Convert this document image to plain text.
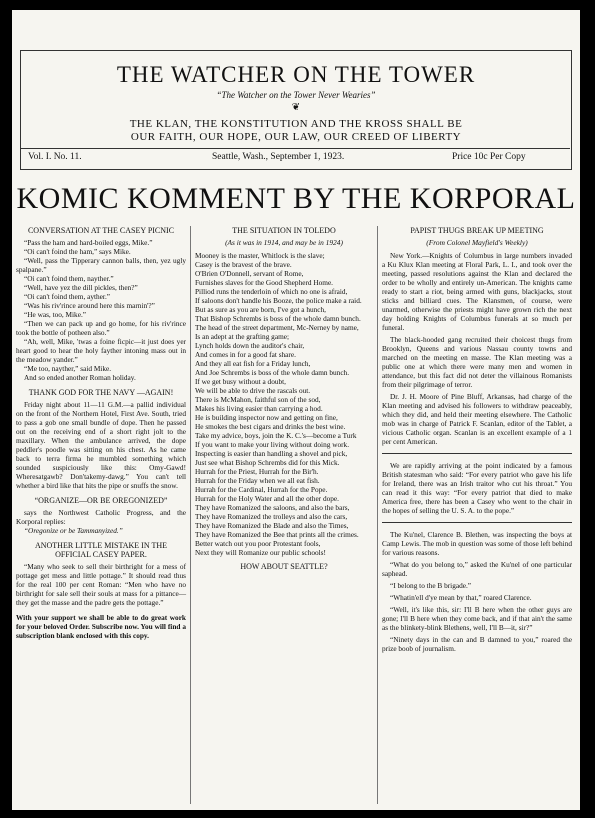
THE WATCHER ON THE TOWER
“The Watcher on the Tower Never Wearies”
❦
THE KLAN, THE KONSTITUTION AND THE KROSS SHALL BE
OUR FAITH, OUR HOPE, OUR LAW, OUR CREED OF LIBERTY
Vol. I. No. 11.	Seattle, Wash., September 1, 1923.	Price 10c Per Copy
KOMIC KOMMENT BY THE KORPORAL
CONVERSATION AT THE CASEY PICNIC

“Pass the ham and hard-boiled eggs, Mike.”

“Oi can't foind the ham,” says Mike.

“Well, pass the Tipperary cannon balls, then, yez ugly spalpane.”

“Oi can't foind them, nayther.”

“Well, have yez the dill pickles, then?”

“Oi can't foind them, ayther.”

“Was his riv'rince around here this marnin'?”

“He was, too, Mike.”

“Then we can pack up and go home, for his riv'rince took the bottle of potheen also.”

“Ah, well, Mike, 'twas a foine ficpic—it just does yer heart good to hear the holy fayther intoning mass out in the meadow yander.”

“Me too, nayther,” said Mike.

And so ended another Roman holiday.

THANK GOD FOR THE NAVY —AGAIN!

Friday night about 11—11 G.M.—a pallid individual on the front of the Northern Hotel, First Ave. South, tried to pass a gob one small bundle of dope. Then he passed out on the receiving end of a short right jolt to the maxillary. When the ambulance arrived, the dope peddler's poodle was sitting on his chest. As he came back to terra firma he mumbled something which sounded suspiciously like this: Omy-Gawd! Wheresatgawb? Don'takemy-dawg.” You can't tell whether a bird like that hits the pipe or snuffs the snow.

“ORGANIZE—OR BE OREGONIZED”

says the Northwest Catholic Progress, and the Korporal replies:

“Oregonize or be Tammanyized.”

ANOTHER LITTLE MISTAKE IN THE OFFICIAL CASEY PAPER.

“Many who seek to sell their birthright for a mess of pottage get mess and little pottage.” It should read thus for the real 100 per cent Roman: “Men who have no birthright for sale sell their souls at mass for a pittance—they get the masse and the padre gets the pottage.”

With your support we shall be able to do great work for your beloved Order. Subscribe now. You will find a subscription blank enclosed with this copy.

THE SITUATION IN TOLEDO
(As it was in 1914, and may be in 1924)
Mooney is the master, Whitlock is the slave;
Casey is the bravest of the brave.
O'Brien O'Donnell, servant of Rome,
Furnishes slaves for the Good Shepherd Home.
Pilliod runs the tenderloin of which no one is afraid,
If saloons don't handle his Booze, the police make a raid.
But as sure as you are born, I've got a hunch,
That Bishop Schrembs is boss of the whole damn bunch.
The head of the street department, Mc-Nerney by name,
Is an adept at the grafting game;
Lynch holds down the auditor's chair,
And comes in for a good fat share.
And they all eat fish for a Friday lunch,
And Joe Schrembs is boss of the whole damn bunch.
If we get busy without a doubt,
We will be able to drive the rascals out.
There is McMahon, faithful son of the sod,
Makes his living easier than carrying a hod.
He is building inspector now and getting on fine,
He smokes the best cigars and drinks the best wine.
Take my advice, boys, join the K. C.'s—become a Turk
If you want to make your living without doing work.
Inspecting is easier than handling a shovel and pick,
Just see what Bishop Schrembs did for this Mick.
Hurrah for the Priest, Hurrah for the Bir'h.
Hurrah for the Friday when we all eat fish.
Hurrah for the Cardinal, Hurrah for the Pope.
Hurrah for the Holy Water and all the other dope.
They have Romanized the saloons, and also the bars,
They have Romanized the trolleys and also the cars,
They have Romanized the Blade and also the Times,
They have Romanized the Bee that prints all the crimes.
Better watch out you poor Protestant fools,
Next they will Romanize our public schools!
HOW ABOUT SEATTLE?
PAPIST THUGS BREAK UP MEETING
(From Colonel Mayfield's Weekly)

New York.—Knights of Columbus in large numbers invaded a Ku Klux Klan meeting at Floral Park, L. I., and took over the meeting, passed resolutions against the Klan and declared the order to be wholly and entirely un-American. The knights came ready to start a riot, being armed with guns, blackjacks, stout sticks and billiard cues. The Klansmen, of course, were unarmed, otherwise the priests might have grown rich the next day holding Knights of Columbus funerals at so much per funeral.

The black-hooded gang recruited their choicest thugs from Brooklyn, Queens and various Nassau county towns and marched on the meeting en masse. The Klan meeting was a public one at which there were many men and women in attendance, but this fact did not deter the villainous Romanists from their pilgrimage of terror.

Dr. J. H. Moore of Pine Bluff, Arkansas, had charge of the Klan meeting and advised his followers to withdraw peaceably, which they did, and held their meeting elsewhere. The Catholic mob was in charge of Patrick F. Scanlan, editor of the Tablet, a vicious Catholic organ. Scanlan is an excellent example of a 1 per cent American.

We are rapidly arriving at the point indicated by a famous British statesman who said: “For every patriot who gave his life for Ireland, there was an Irish traitor who cut his throat.” You can read it this way: “For every patriot that died to make America free, there has been a Casey who went to the chair in the hopes of selling the U. S. A. to the pope.”

The Ku'nel, Clarence B. Blethen, was inspecting the boys at Camp Lewis. The mob in question was some of those left behind for various reasons.

“What do you belong to,” asked the Ku'nel of one particular saphead.

“I belong to the B brigade.”

“Whatin'ell d'ye mean by that,” roared Clarence.

“Well, it's like this, sir: I'll B here when the other guys are gone; I'll B here when they come back, and if that ain't the same as the blinkety-blink Blethens, well, I'll B—it, sir?”

“Ninety days in the can and B damned to you,” roared the prize boob of journalism.
